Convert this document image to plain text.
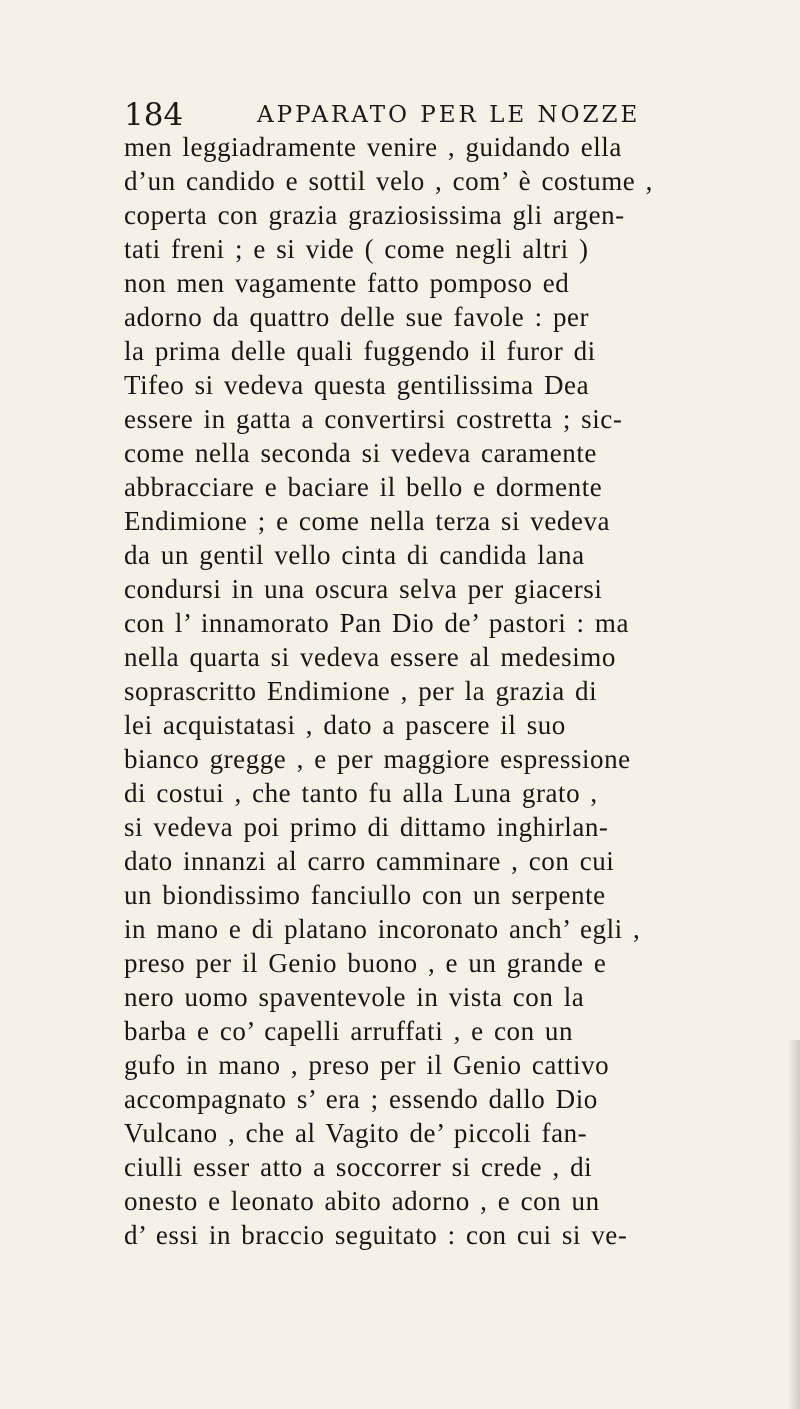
184	APPARATO PER LE NOZZE
men leggiadramente venire , guidando ella
d’un candido e sottil velo , com’ è costume ,
coperta con grazia graziosissima gli argen-
tati freni ; e si vide ( come negli altri )
non men vagamente fatto pomposo ed
adorno da quattro delle sue favole : per
la prima delle quali fuggendo il furor di
Tifeo si vedeva questa gentilissima Dea
essere in gatta a convertirsi costretta ; sic-
come nella seconda si vedeva caramente
abbracciare e baciare il bello e dormente
Endimione ; e come nella terza si vedeva
da un gentil vello cinta di candida lana
condursi in una oscura selva per giacersi
con l’ innamorato Pan Dio de’ pastori : ma
nella quarta si vedeva essere al medesimo
soprascritto Endimione , per la grazia di
lei acquistatasi , dato a pascere il suo
bianco gregge , e per maggiore espressione
di costui , che tanto fu alla Luna grato ,
si vedeva poi primo di dittamo inghirlan-
dato innanzi al carro camminare , con cui
un biondissimo fanciullo con un serpente
in mano e di platano incoronato anch’ egli ,
preso per il Genio buono , e un grande e
nero uomo spaventevole in vista con la
barba e co’ capelli arruffati , e con un
gufo in mano , preso per il Genio cattivo
accompagnato s’ era ; essendo dallo Dio
Vulcano , che al Vagito de’ piccoli fan-
ciulli esser atto a soccorrer si crede , di
onesto e leonato abito adorno , e con un
d’ essi in braccio seguitato : con cui si ve-
